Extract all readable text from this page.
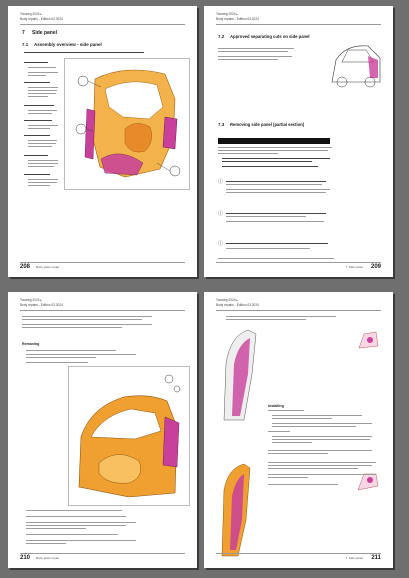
Touareg 2024 ▸
Body repairs - Edition 03.2024
7 Side panel
7.1 Assembly overview - side panel
208 Body glass repair
Touareg 2024 ▸
Body repairs - Edition 03.2024
7.2 Approved separating cuts on side panel
7.3 Removing side panel (partial section)
ⓘ
ⓘ
ⓘ
7. Side panel 209
Touareg 2024 ▸
Body repairs - Edition 03.2024
Removing
210 Body glass repair
Touareg 2024 ▸
Body repairs - Edition 03.2024
Installing
7. Side panel 211
